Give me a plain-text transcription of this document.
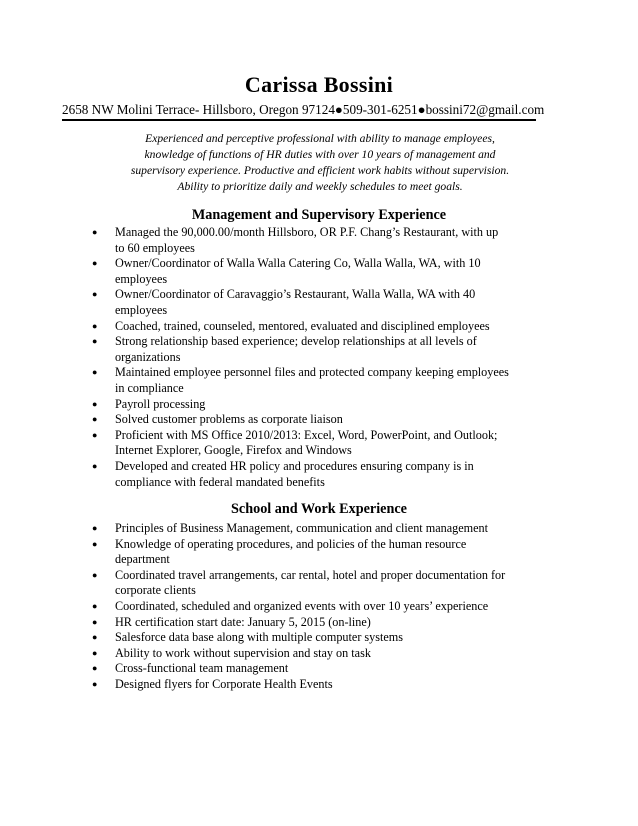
Carissa Bossini
2658 NW Molini Terrace- Hillsboro, Oregon 97124●509-301-6251●bossini72@gmail.com
Experienced and perceptive professional with ability to manage employees,
knowledge of functions of HR duties with over 10 years of management and
supervisory experience. Productive and efficient work habits without supervision.
Ability to prioritize daily and weekly schedules to meet goals.
Management and Supervisory Experience
●	Managed the 90,000.00/month Hillsboro, OR P.F. Chang’s Restaurant, with up
to 60 employees
●	Owner/Coordinator of Walla Walla Catering Co, Walla Walla, WA, with 10
employees
●	Owner/Coordinator of Caravaggio’s Restaurant, Walla Walla, WA with 40
employees
●	Coached, trained, counseled, mentored, evaluated and disciplined employees
●	Strong relationship based experience; develop relationships at all levels of
organizations
●	Maintained employee personnel files and protected company keeping employees
in compliance
●	Payroll processing
●	Solved customer problems as corporate liaison
●	Proficient with MS Office 2010/2013: Excel, Word, PowerPoint, and Outlook;
Internet Explorer, Google, Firefox and Windows
●	Developed and created HR policy and procedures ensuring company is in
compliance with federal mandated benefits
School and Work Experience
●	Principles of Business Management, communication and client management
●	Knowledge of operating procedures, and policies of the human resource
department
●	Coordinated travel arrangements, car rental, hotel and proper documentation for
corporate clients
●	Coordinated, scheduled and organized events with over 10 years’ experience
●	HR certification start date: January 5, 2015 (on-line)
●	Salesforce data base along with multiple computer systems
●	Ability to work without supervision and stay on task
●	Cross-functional team management
●	Designed flyers for Corporate Health Events
